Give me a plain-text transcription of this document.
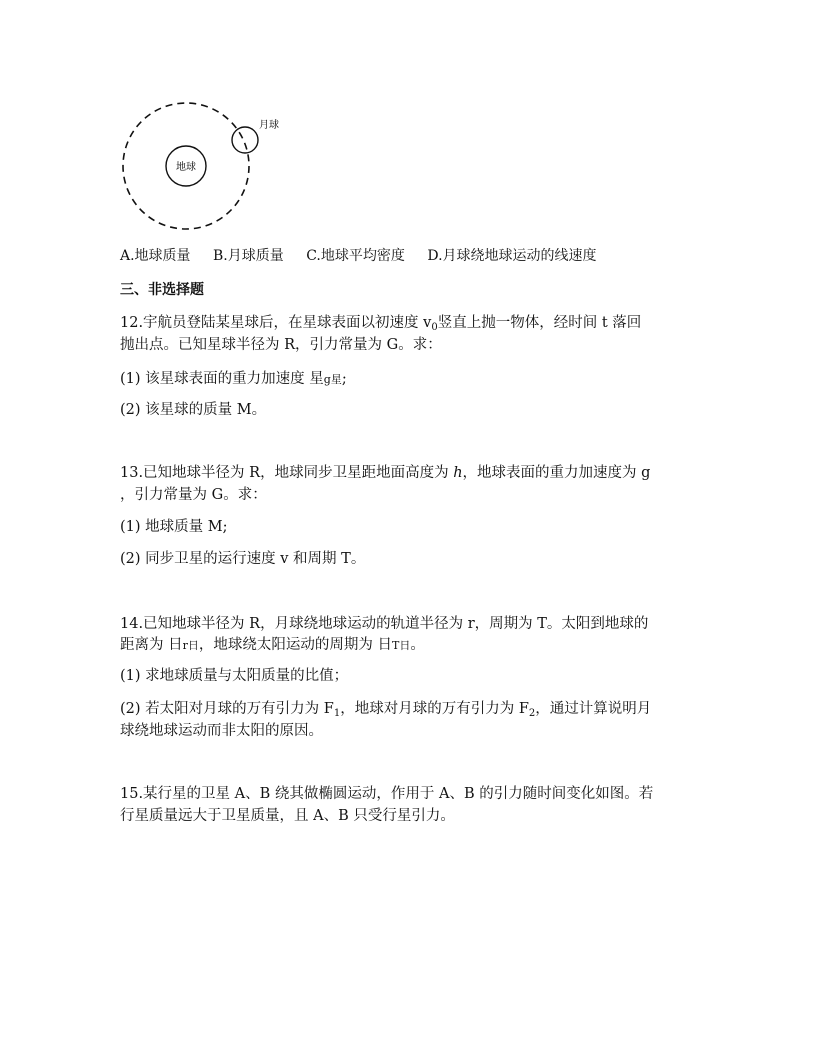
地球
月球
A.地球质量 B.月球质量 C.地球平均密度 D.月球绕地球运动的线速度
三、非选择题
12.宇航员登陆某星球后，在星球表面以初速度 $v_0$竖直上抛一物体，经时间 t 落回
抛出点。已知星球半径为 R，引力常量为 G。求：
(1) 该星球表面的重力加速度 星g星;
(2) 该星球的质量 M。
13.已知地球半径为 R，地球同步卫星距地面高度为 h，地球表面的重力加速度为 g
，引力常量为 G。求：
(1) 地球质量 M;
(2) 同步卫星的运行速度 v 和周期 T。
14.已知地球半径为 R，月球绕地球运动的轨道半径为 r，周期为 T。太阳到地球的
距离为 日r日，地球绕太阳运动的周期为 日T日。
(1) 求地球质量与太阳质量的比值；
(2) 若太阳对月球的万有引力为 $F_1$，地球对月球的万有引力为 $F_2$，通过计算说明月
球绕地球运动而非太阳的原因。
15.某行星的卫星 A、B 绕其做椭圆运动，作用于 A、B 的引力随时间变化如图。若
行星质量远大于卫星质量，且 A、B 只受行星引力。
